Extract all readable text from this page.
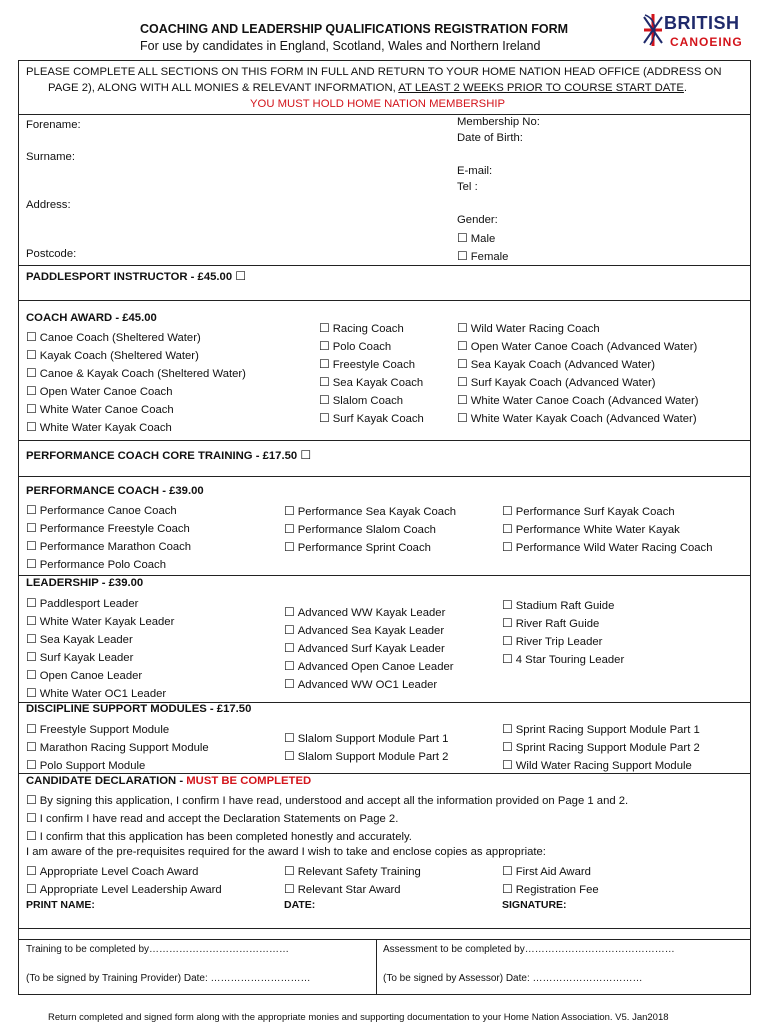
COACHING AND LEADERSHIP QUALIFICATIONS REGISTRATION FORM
For use by candidates in England, Scotland, Wales and Northern Ireland
BRITISH
CANOEING
PLEASE COMPLETE ALL SECTIONS ON THIS FORM IN FULL AND RETURN TO YOUR HOME NATION HEAD OFFICE (ADDRESS ON
PAGE 2), ALONG WITH ALL MONIES & RELEVANT INFORMATION, AT LEAST 2 WEEKS PRIOR TO COURSE START DATE.
YOU MUST HOLD HOME NATION MEMBERSHIP
Forename:
Surname:
Address:
Postcode:
Membership No:
Date of Birth:
E-mail:
Tel :
Gender:
☐ Male
☐ Female
PADDLESPORT INSTRUCTOR - £45.00 ☐
COACH AWARD - £45.00
☐ Canoe Coach (Sheltered Water)
☐ Kayak Coach (Sheltered Water)
☐ Canoe & Kayak Coach (Sheltered Water)
☐ Open Water Canoe Coach
☐ White Water Canoe Coach
☐ White Water Kayak Coach
☐ Racing Coach
☐ Polo Coach
☐ Freestyle Coach
☐ Sea Kayak Coach
☐ Slalom Coach
☐ Surf Kayak Coach
☐ Wild Water Racing Coach
☐ Open Water Canoe Coach (Advanced Water)
☐ Sea Kayak Coach (Advanced Water)
☐ Surf Kayak Coach (Advanced Water)
☐ White Water Canoe Coach (Advanced Water)
☐ White Water Kayak Coach (Advanced Water)
PERFORMANCE COACH CORE TRAINING - £17.50 ☐
PERFORMANCE COACH - £39.00
☐ Performance Canoe Coach
☐ Performance Freestyle Coach
☐ Performance Marathon Coach
☐ Performance Polo Coach
☐ Performance Sea Kayak Coach
☐ Performance Slalom Coach
☐ Performance Sprint Coach
☐ Performance Surf Kayak Coach
☐ Performance White Water Kayak
☐ Performance Wild Water Racing Coach
LEADERSHIP - £39.00
☐ Paddlesport Leader
☐ White Water Kayak Leader
☐ Sea Kayak Leader
☐ Surf Kayak Leader
☐ Open Canoe Leader
☐ White Water OC1 Leader
☐ Advanced WW Kayak Leader
☐ Advanced Sea Kayak Leader
☐ Advanced Surf Kayak Leader
☐ Advanced Open Canoe Leader
☐ Advanced WW OC1 Leader
☐ Stadium Raft Guide
☐ River Raft Guide
☐ River Trip Leader
☐ 4 Star Touring Leader
DISCIPLINE SUPPORT MODULES - £17.50
☐ Freestyle Support Module
☐ Marathon Racing Support Module
☐ Polo Support Module
☐ Slalom Support Module Part 1
☐ Slalom Support Module Part 2
☐ Sprint Racing Support Module Part 1
☐ Sprint Racing Support Module Part 2
☐ Wild Water Racing Support Module
CANDIDATE DECLARATION - MUST BE COMPLETED
☐ By signing this application, I confirm I have read, understood and accept all the information provided on Page 1 and 2.
☐ I confirm I have read and accept the Declaration Statements on Page 2.
☐ I confirm that this application has been completed honestly and accurately.
I am aware of the pre-requisites required for the award I wish to take and enclose copies as appropriate:
☐ Appropriate Level Coach Award
☐ Appropriate Level Leadership Award
☐ Relevant Safety Training
☐ Relevant Star Award
☐ First Aid Award
☐ Registration Fee
PRINT NAME:	DATE:	SIGNATURE:
Training to be completed by……………………………………
(To be signed by Training Provider) Date: …………………………
Assessment to be completed by………………………………………
(To be signed by Assessor) Date: ……………………………
Return completed and signed form along with the appropriate monies and supporting documentation to your Home Nation Association. V5. Jan2018
